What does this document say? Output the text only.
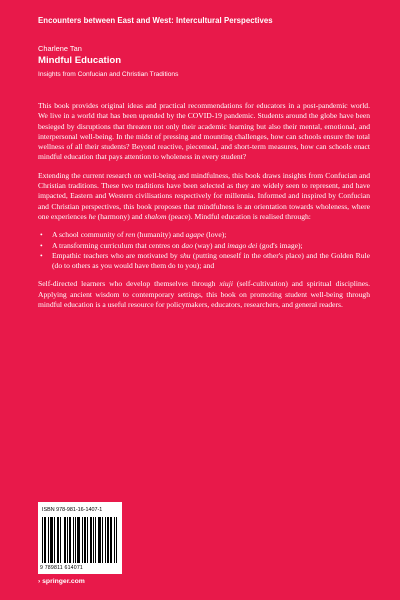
Encounters between East and West: Intercultural Perspectives
Charlene Tan
Mindful Education
Insights from Confucian and Christian Traditions

This book provides original ideas and practical recommendations for educators in a post-pandemic world. We live in a world that has been upended by the COVID-19 pandemic. Students around the globe have been besieged by disruptions that threaten not only their academic learning but also their mental, emotional, and interpersonal well-being. In the midst of pressing and mounting challenges, how can schools ensure the total wellness of all their students? Beyond reactive, piecemeal, and short-term measures, how can schools enact mindful education that pays attention to wholeness in every student?

Extending the current research on well-being and mindfulness, this book draws insights from Confucian and Christian traditions. These two traditions have been selected as they are widely seen to represent, and have impacted, Eastern and Western civilisations respectively for millennia. Informed and inspired by Confucian and Christian perspectives, this book proposes that mindfulness is an orientation towards wholeness, where one experiences he (harmony) and shalom (peace). Mindful education is realised through:

• A school community of ren (humanity) and agape (love);
• A transforming curriculum that centres on dao (way) and imago dei (god's image);
• Empathic teachers who are motivated by shu (putting oneself in the other's place) and the Golden Rule (do to others as you would have them do to you); and

Self-directed learners who develop themselves through xiuji (self-cultivation) and spiritual disciplines. Applying ancient wisdom to contemporary settings, this book on promoting student well-being through mindful education is a useful resource for policymakers, educators, researchers, and general readers.

ISBN 978-981-16-1407-1
9 789811 614071
› springer.com
